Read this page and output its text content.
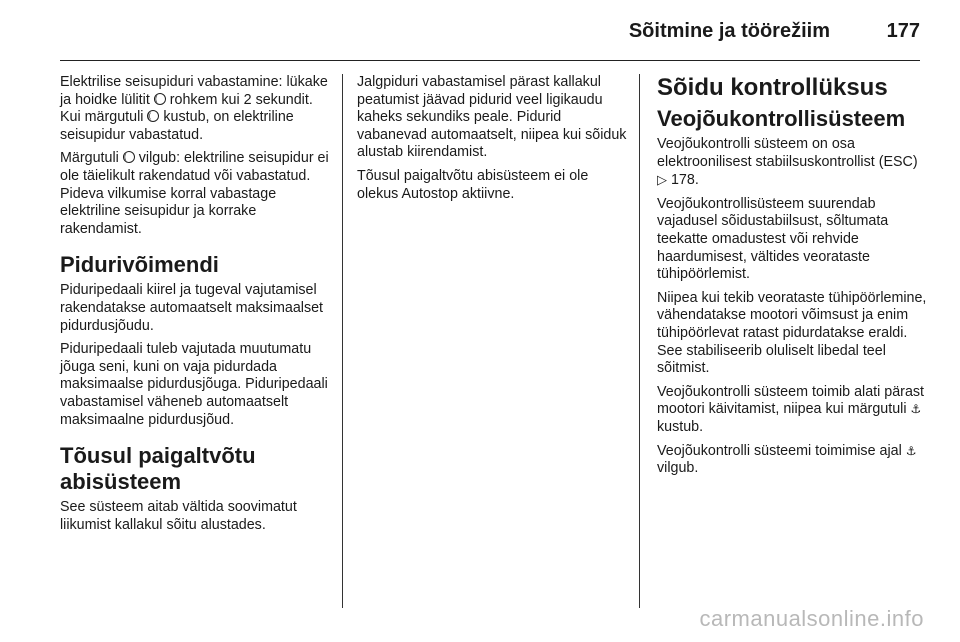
Sõitmine ja töörežiim	177

Elektrilise seisupiduri vabastamine: lükake ja hoidke lülitit (( rohkem kui 2 sekundit. Kui märgutuli (( kustub, on elektriline seisupidur vabastatud.

Märgutuli (( vilgub: elektriline seisupidur ei ole täielikult rakendatud või vabastatud. Pideva vilkumise korral vabastage elektriline seisupidur ja korrake rakendamist.

Pidurivõimendi

Piduripedaali kiirel ja tugeval vajutamisel rakendatakse automaatselt maksimaalset pidurdusjõudu.

Piduripedaali tuleb vajutada muutumatu jõuga seni, kuni on vaja pidurdada maksimaalse pidurdusjõuga. Piduripedaali vabastamisel väheneb automaatselt maksimaalne pidurdusjõud.

Tõusul paigaltvõtu abisüsteem

See süsteem aitab vältida soovimatut liikumist kallakul sõitu alustades.

Jalgpiduri vabastamisel pärast kallakul peatumist jäävad pidurid veel ligikaudu kaheks sekundiks peale. Pidurid vabanevad automaatselt, niipea kui sõiduk alustab kiirendamist.

Tõusul paigaltvõtu abisüsteem ei ole olekus Autostop aktiivne.

Sõidu kontrollüksus
Veojõukontrollisüsteem

Veojõukontrolli süsteem on osa elektroonilisest stabiilsuskontrollist (ESC) ▷ 178.

Veojõukontrollisüsteem suurendab vajadusel sõidustabiilsust, sõltumata teekatte omadustest või rehvide haardumisest, vältides veorataste tühipöörlemist.

Niipea kui tekib veorataste tühipöörlemine, vähendatakse mootori võimsust ja enim tühipöörlevat ratast pidurdatakse eraldi. See stabiliseerib oluliselt libedal teel sõitmist.

Veojõukontrolli süsteem toimib alati pärast mootori käivitamist, niipea kui märgutuli ⚓ kustub.

Veojõukontrolli süsteemi toimimise ajal ⚓ vilgub.

carmanualsonline.info
